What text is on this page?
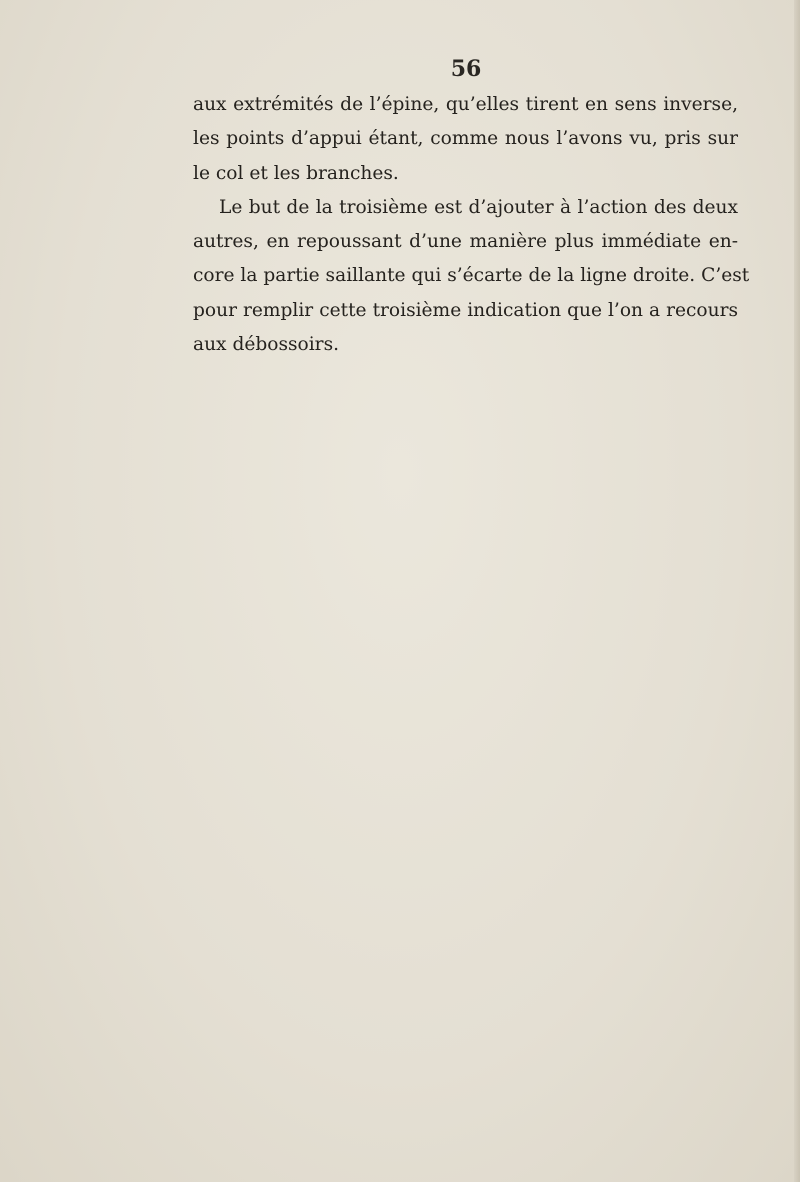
56

aux extrémités de l’épine, qu’elles tirent en sens inverse,
les points d’appui étant, comme nous l’avons vu, pris sur
le col et les branches.

Le but de la troisième est d’ajouter à l’action des deux
autres, en repoussant d’une manière plus immédiate en-
core la partie saillante qui s’écarte de la ligne droite. C’est
pour remplir cette troisième indication que l’on a recours
aux débossoirs.
